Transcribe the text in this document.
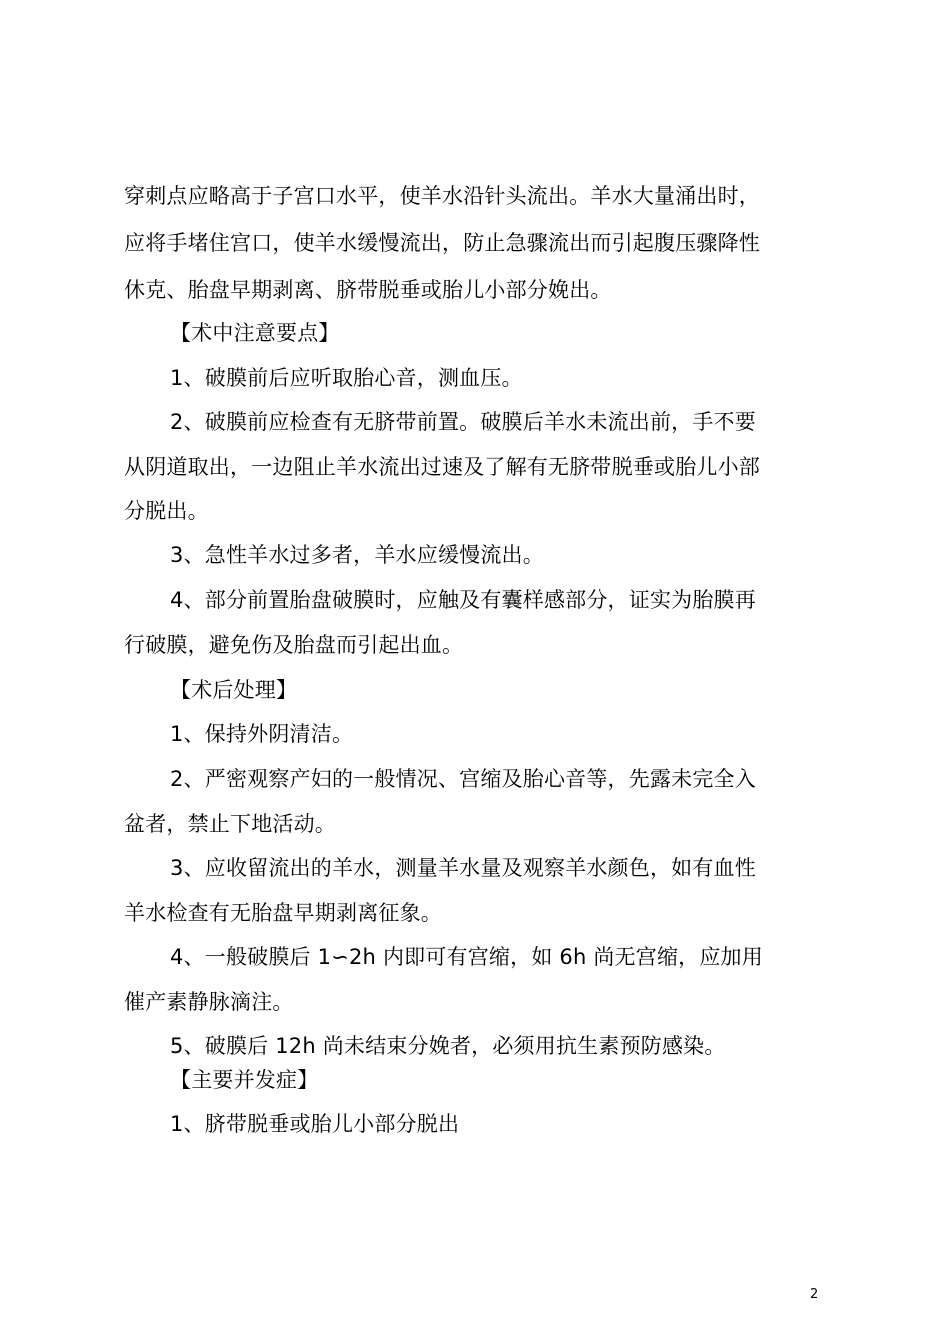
穿刺点应略高于子宫口水平，使羊水沿针头流出。羊水大量涌出时，
应将手堵住宫口，使羊水缓慢流出，防止急骤流出而引起腹压骤降性
休克、胎盘早期剥离、脐带脱垂或胎儿小部分娩出。
【术中注意要点】
1、破膜前后应听取胎心音，测血压。
2、破膜前应检查有无脐带前置。破膜后羊水未流出前，手不要
从阴道取出，一边阻止羊水流出过速及了解有无脐带脱垂或胎儿小部
分脱出。
3、急性羊水过多者，羊水应缓慢流出。
4、部分前置胎盘破膜时，应触及有囊样感部分，证实为胎膜再
行破膜，避免伤及胎盘而引起出血。
【术后处理】
1、保持外阴清洁。
2、严密观察产妇的一般情况、宫缩及胎心音等，先露未完全入
盆者，禁止下地活动。
3、应收留流出的羊水，测量羊水量及观察羊水颜色，如有血性
羊水检查有无胎盘早期剥离征象。
4、一般破膜后 1∽2h 内即可有宫缩，如 6h 尚无宫缩，应加用
催产素静脉滴注。
5、破膜后 12h 尚未结束分娩者，必须用抗生素预防感染。
【主要并发症】
1、脐带脱垂或胎儿小部分脱出
2
